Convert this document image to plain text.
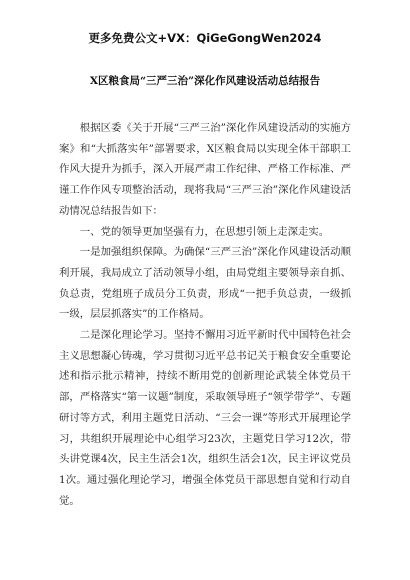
更多免费公文+VX：QiGeGongWen2024
X区粮食局“三严三治”深化作风建设活动总结报告

根据区委《关于开展“三严三治”深化作风建设活动的实施方案》和“大抓落实年”部署要求，X区粮食局以实现全体干部职工作风大提升为抓手，深入开展严肃工作纪律、严格工作标准、严谨工作作风专项整治活动，现将我局“三严三治”深化作风建设活动情况总结报告如下：

一、党的领导更加坚强有力，在思想引领上走深走实。

一是加强组织保障。为确保“三严三治”深化作风建设活动顺利开展，我局成立了活动领导小组，由局党组主要领导亲自抓、负总责，党组班子成员分工负责，形成“一把手负总责，一级抓一级，层层抓落实”的工作格局。

二是深化理论学习。坚持不懈用习近平新时代中国特色社会主义思想凝心铸魂，学习贯彻习近平总书记关于粮食安全重要论述和指示批示精神，持续不断用党的创新理论武装全体党员干部，严格落实“第一议题”制度，采取领导班子“领学带学”、专题研讨等方式，利用主题党日活动、“三会一课”等形式开展理论学习，共组织开展理论中心组学习23次，主题党日学习12次，带头讲党课4次，民主生活会1次，组织生活会1次，民主评议党员1次。通过强化理论学习，增强全体党员干部思想自觉和行动自觉。
